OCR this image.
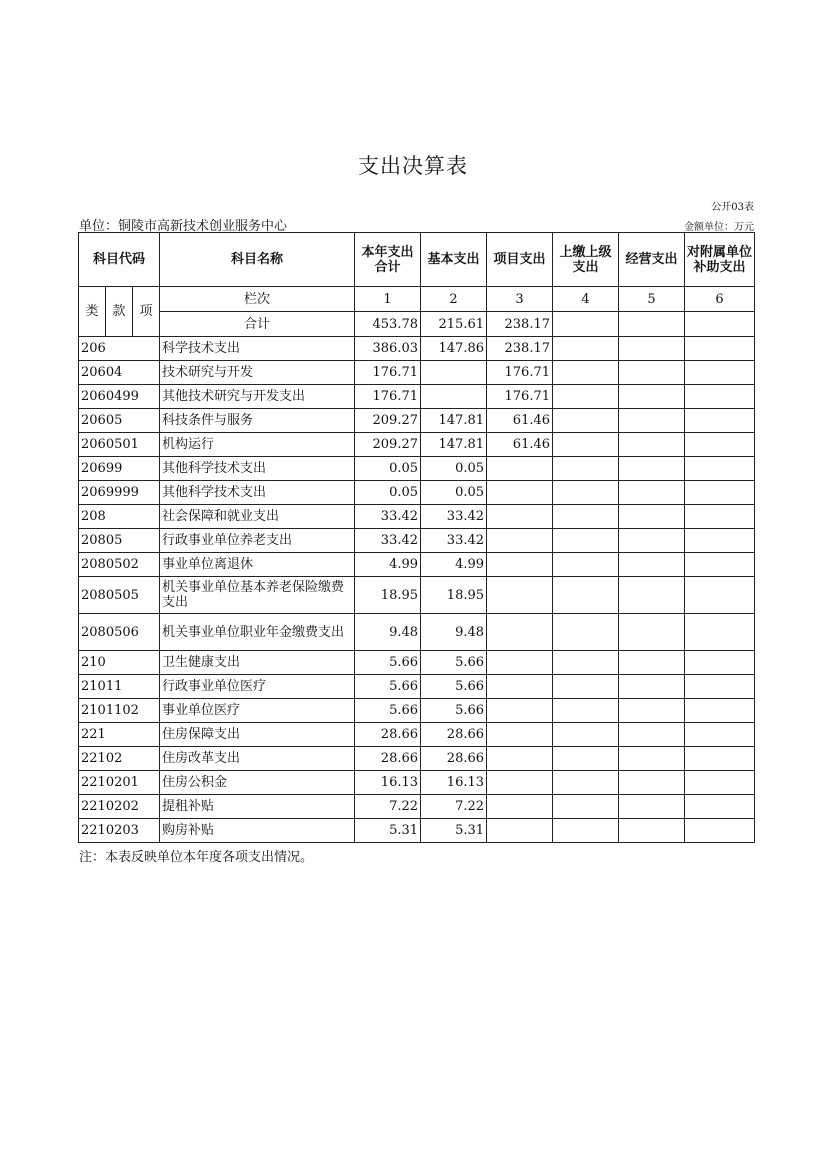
支出决算表
公开03表
单位：铜陵市高新技术创业服务中心	金额单位：万元
科目代码			科目名称	本年支出合计	基本支出	项目支出	上缴上级支出	经营支出	对附属单位补助支出
类	款	项	栏次	1	2	3	4	5	6
			合计	453.78	215.61	238.17			
206			科学技术支出	386.03	147.86	238.17			
20604			技术研究与开发	176.71		176.71			
2060499			其他技术研究与开发支出	176.71		176.71			
20605			科技条件与服务	209.27	147.81	61.46			
2060501			机构运行	209.27	147.81	61.46			
20699			其他科学技术支出	0.05	0.05				
2069999			其他科学技术支出	0.05	0.05				
208			社会保障和就业支出	33.42	33.42				
20805			行政事业单位养老支出	33.42	33.42				
2080502			事业单位离退休	4.99	4.99				
2080505			机关事业单位基本养老保险缴费支出	18.95	18.95				
2080506			机关事业单位职业年金缴费支出	9.48	9.48				
210			卫生健康支出	5.66	5.66				
21011			行政事业单位医疗	5.66	5.66				
2101102			事业单位医疗	5.66	5.66				
221			住房保障支出	28.66	28.66				
22102			住房改革支出	28.66	28.66				
2210201			住房公积金	16.13	16.13				
2210202			提租补贴	7.22	7.22				
2210203			购房补贴	5.31	5.31				
注：本表反映单位本年度各项支出情况。
